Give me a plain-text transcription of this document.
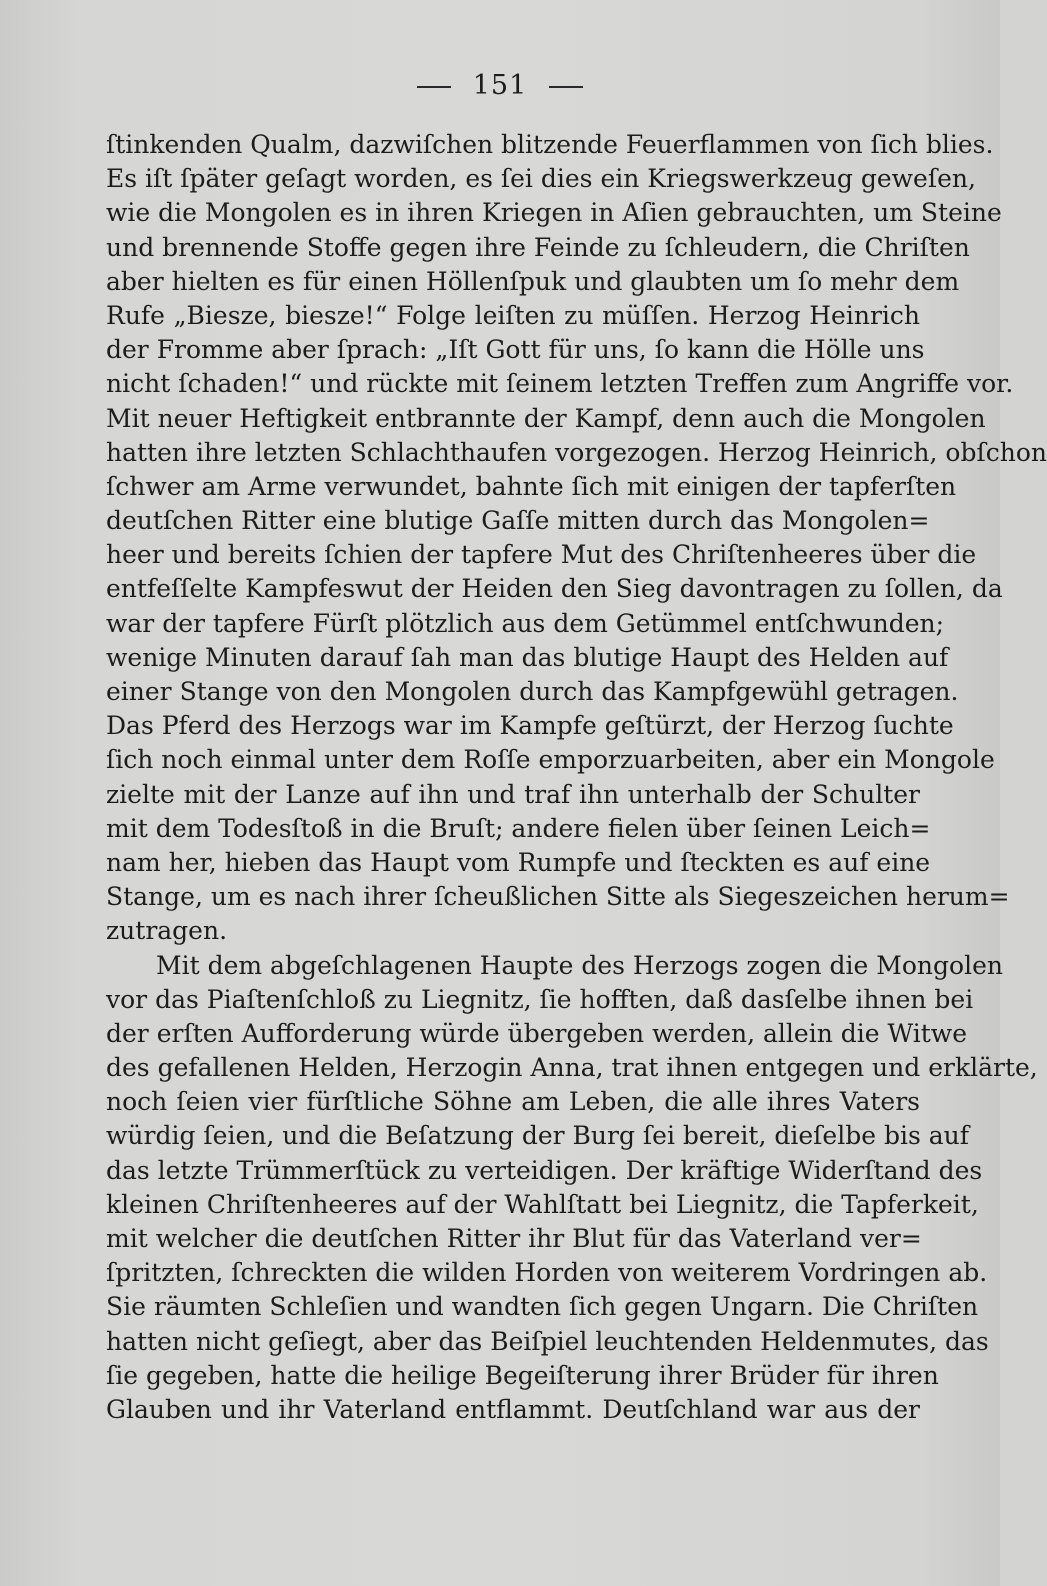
151
ſtinkenden Qualm, dazwiſchen blitzende Feuerflammen von ſich blies.
Es iſt ſpäter geſagt worden, es ſei dies ein Kriegswerkzeug geweſen,
wie die Mongolen es in ihren Kriegen in Aſien gebrauchten, um Steine
und brennende Stoffe gegen ihre Feinde zu ſchleudern, die Chriſten
aber hielten es für einen Höllenſpuk und glaubten um ſo mehr dem
Rufe „Biesze, biesze!“ Folge leiſten zu müſſen. Herzog Heinrich
der Fromme aber ſprach: „Iſt Gott für uns, ſo kann die Hölle uns
nicht ſchaden!“ und rückte mit ſeinem letzten Treffen zum Angriffe vor.
Mit neuer Heftigkeit entbrannte der Kampf, denn auch die Mongolen
hatten ihre letzten Schlachthaufen vorgezogen. Herzog Heinrich, obſchon
ſchwer am Arme verwundet, bahnte ſich mit einigen der tapferſten
deutſchen Ritter eine blutige Gaſſe mitten durch das Mongolen=
heer und bereits ſchien der tapfere Mut des Chriſtenheeres über die
entfeſſelte Kampfeswut der Heiden den Sieg davontragen zu ſollen, da
war der tapfere Fürſt plötzlich aus dem Getümmel entſchwunden;
wenige Minuten darauf ſah man das blutige Haupt des Helden auf
einer Stange von den Mongolen durch das Kampfgewühl getragen.
Das Pferd des Herzogs war im Kampfe geſtürzt, der Herzog ſuchte
ſich noch einmal unter dem Roſſe emporzuarbeiten, aber ein Mongole
zielte mit der Lanze auf ihn und traf ihn unterhalb der Schulter
mit dem Todesſtoß in die Bruſt; andere fielen über ſeinen Leich=
nam her, hieben das Haupt vom Rumpfe und ſteckten es auf eine
Stange, um es nach ihrer ſcheußlichen Sitte als Siegeszeichen herum=
zutragen.
Mit dem abgeſchlagenen Haupte des Herzogs zogen die Mongolen
vor das Piaſtenſchloß zu Liegnitz, ſie hofften, daß dasſelbe ihnen bei
der erſten Aufforderung würde übergeben werden, allein die Witwe
des gefallenen Helden, Herzogin Anna, trat ihnen entgegen und erklärte,
noch ſeien vier fürſtliche Söhne am Leben, die alle ihres Vaters
würdig ſeien, und die Beſatzung der Burg ſei bereit, dieſelbe bis auf
das letzte Trümmerſtück zu verteidigen. Der kräftige Widerſtand des
kleinen Chriſtenheeres auf der Wahlſtatt bei Liegnitz, die Tapferkeit,
mit welcher die deutſchen Ritter ihr Blut für das Vaterland ver=
ſpritzten, ſchreckten die wilden Horden von weiterem Vordringen ab.
Sie räumten Schleſien und wandten ſich gegen Ungarn. Die Chriſten
hatten nicht geſiegt, aber das Beiſpiel leuchtenden Heldenmutes, das
ſie gegeben, hatte die heilige Begeiſterung ihrer Brüder für ihren
Glauben und ihr Vaterland entflammt. Deutſchland war aus der
